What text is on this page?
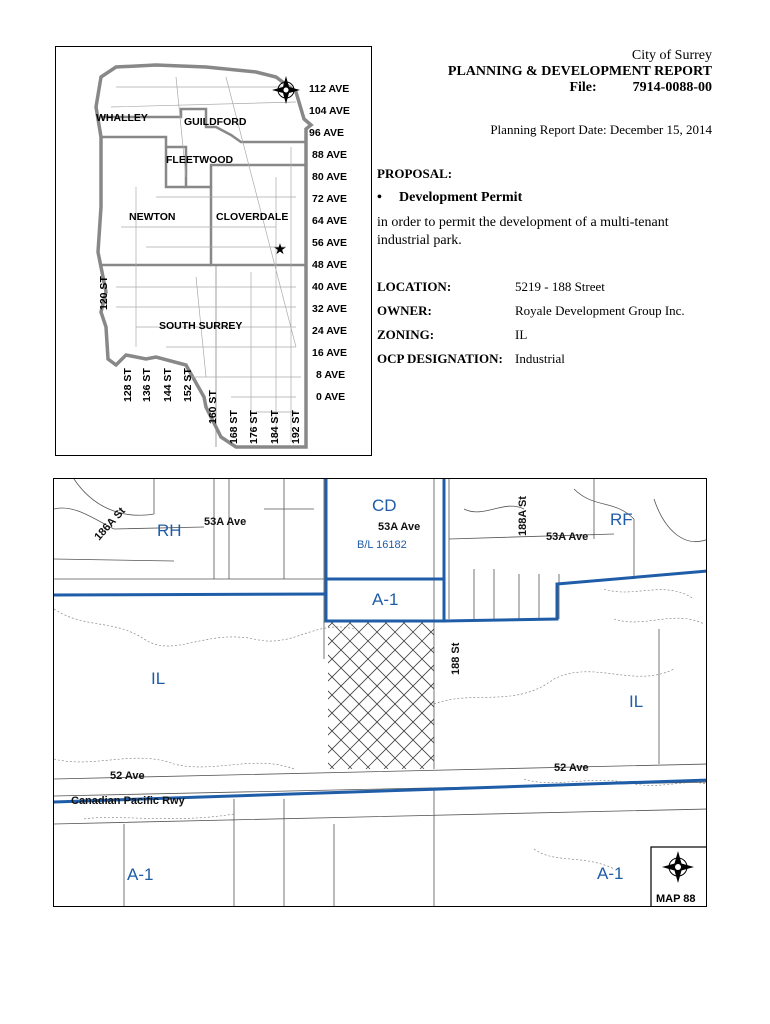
★
WHALLEY	GUILDFORD
FLEETWOOD
NEWTON	CLOVERDALE
SOUTH SURREY
112 AVE
104 AVE
96 AVE
88 AVE
80 AVE
72 AVE
64 AVE
56 AVE
48 AVE
40 AVE
32 AVE
24 AVE
16 AVE
8 AVE
0 AVE
120 ST
128 ST 136 ST 144 ST 152 ST
160 ST
168 ST 176 ST 184 ST 192 ST
City of Surrey
PLANNING & DEVELOPMENT REPORT
File:	7914-0088-00
Planning Report Date: December 15, 2014
PROPOSAL:
• Development Permit
in order to permit the development of a multi-tenant industrial park.
LOCATION:	5219 - 188 Street
OWNER:	Royale Development Group Inc.
ZONING:	IL
OCP DESIGNATION: Industrial
MAP 88
RH
CD
B/L 16182
RF
A-1
IL
IL
A-1	A-1
186A St	53A Ave	53A Ave
53A Ave
188A St
188 St
52 Ave
52 Ave
Canadian Pacific Rwy
